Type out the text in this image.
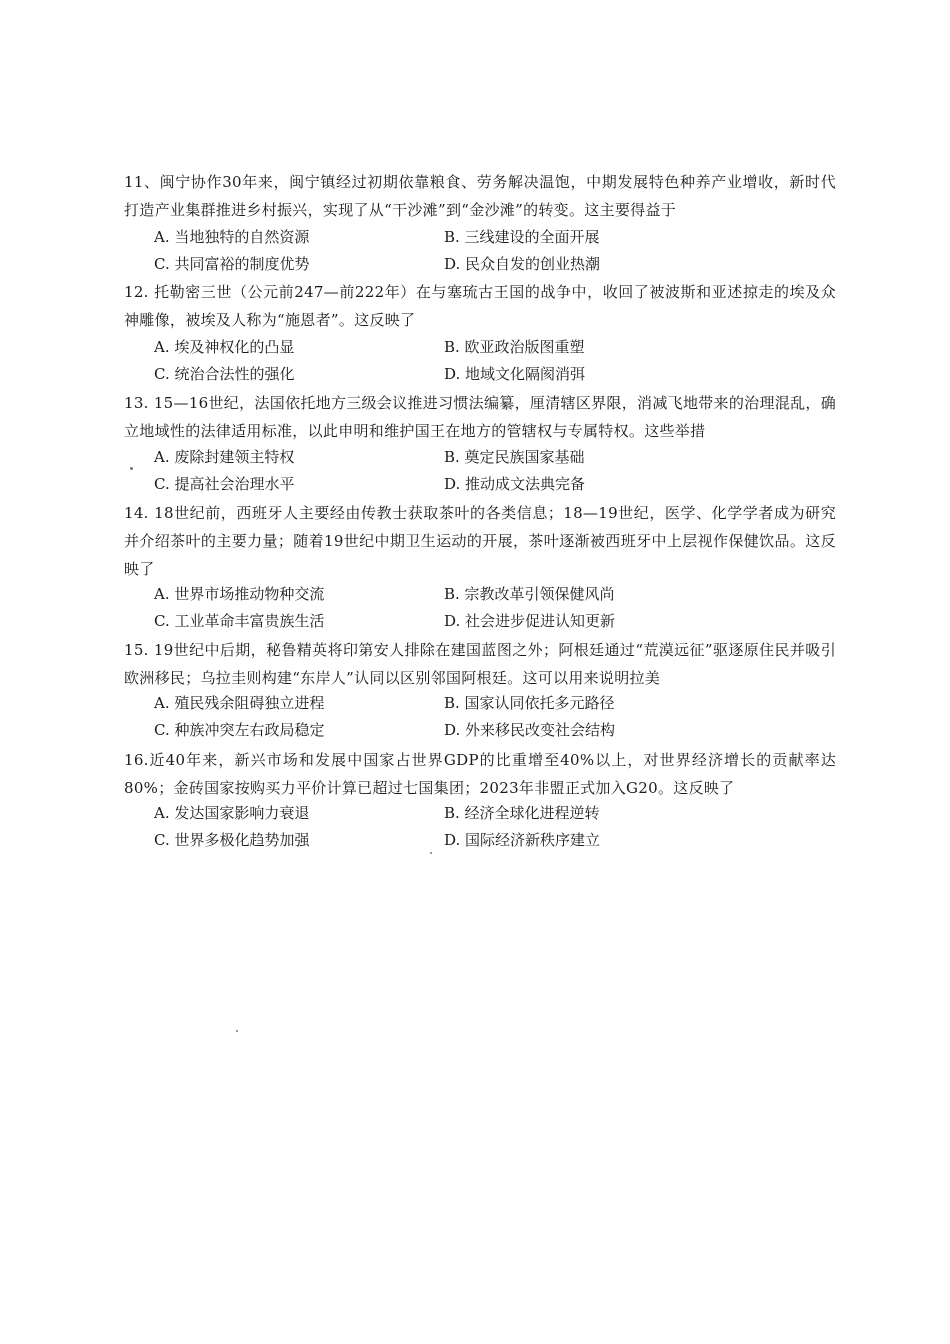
11、闽宁协作30年来，闽宁镇经过初期依靠粮食、劳务解决温饱，中期发展特色种养产业增收，新时代打造产业集群推进乡村振兴，实现了从“干沙滩”到“金沙滩”的转变。这主要得益于
A. 当地独特的自然资源	B. 三线建设的全面开展
C. 共同富裕的制度优势	D. 民众自发的创业热潮
12. 托勒密三世（公元前247—前222年）在与塞琉古王国的战争中，收回了被波斯和亚述掠走的埃及众神雕像，被埃及人称为“施恩者”。这反映了
A. 埃及神权化的凸显	B. 欧亚政治版图重塑
C. 统治合法性的强化	D. 地域文化隔阂消弭
13. 15—16世纪，法国依托地方三级会议推进习惯法编纂，厘清辖区界限，消减飞地带来的治理混乱，确立地域性的法律适用标准，以此申明和维护国王在地方的管辖权与专属特权。这些举措
A. 废除封建领主特权	B. 奠定民族国家基础
C. 提高社会治理水平	D. 推动成文法典完备
14. 18世纪前，西班牙人主要经由传教士获取茶叶的各类信息；18—19世纪，医学、化学学者成为研究并介绍茶叶的主要力量；随着19世纪中期卫生运动的开展，茶叶逐渐被西班牙中上层视作保健饮品。这反映了
A. 世界市场推动物种交流	B. 宗教改革引领保健风尚
C. 工业革命丰富贵族生活	D. 社会进步促进认知更新
15. 19世纪中后期，秘鲁精英将印第安人排除在建国蓝图之外；阿根廷通过“荒漠远征”驱逐原住民并吸引欧洲移民；乌拉圭则构建“东岸人”认同以区别邻国阿根廷。这可以用来说明拉美
A. 殖民残余阻碍独立进程	B. 国家认同依托多元路径
C. 种族冲突左右政局稳定	D. 外来移民改变社会结构
16.近40年来，新兴市场和发展中国家占世界GDP的比重增至40%以上，对世界经济增长的贡献率达80%；金砖国家按购买力平价计算已超过七国集团；2023年非盟正式加入G20。这反映了
A. 发达国家影响力衰退	B. 经济全球化进程逆转
C. 世界多极化趋势加强	D. 国际经济新秩序建立
